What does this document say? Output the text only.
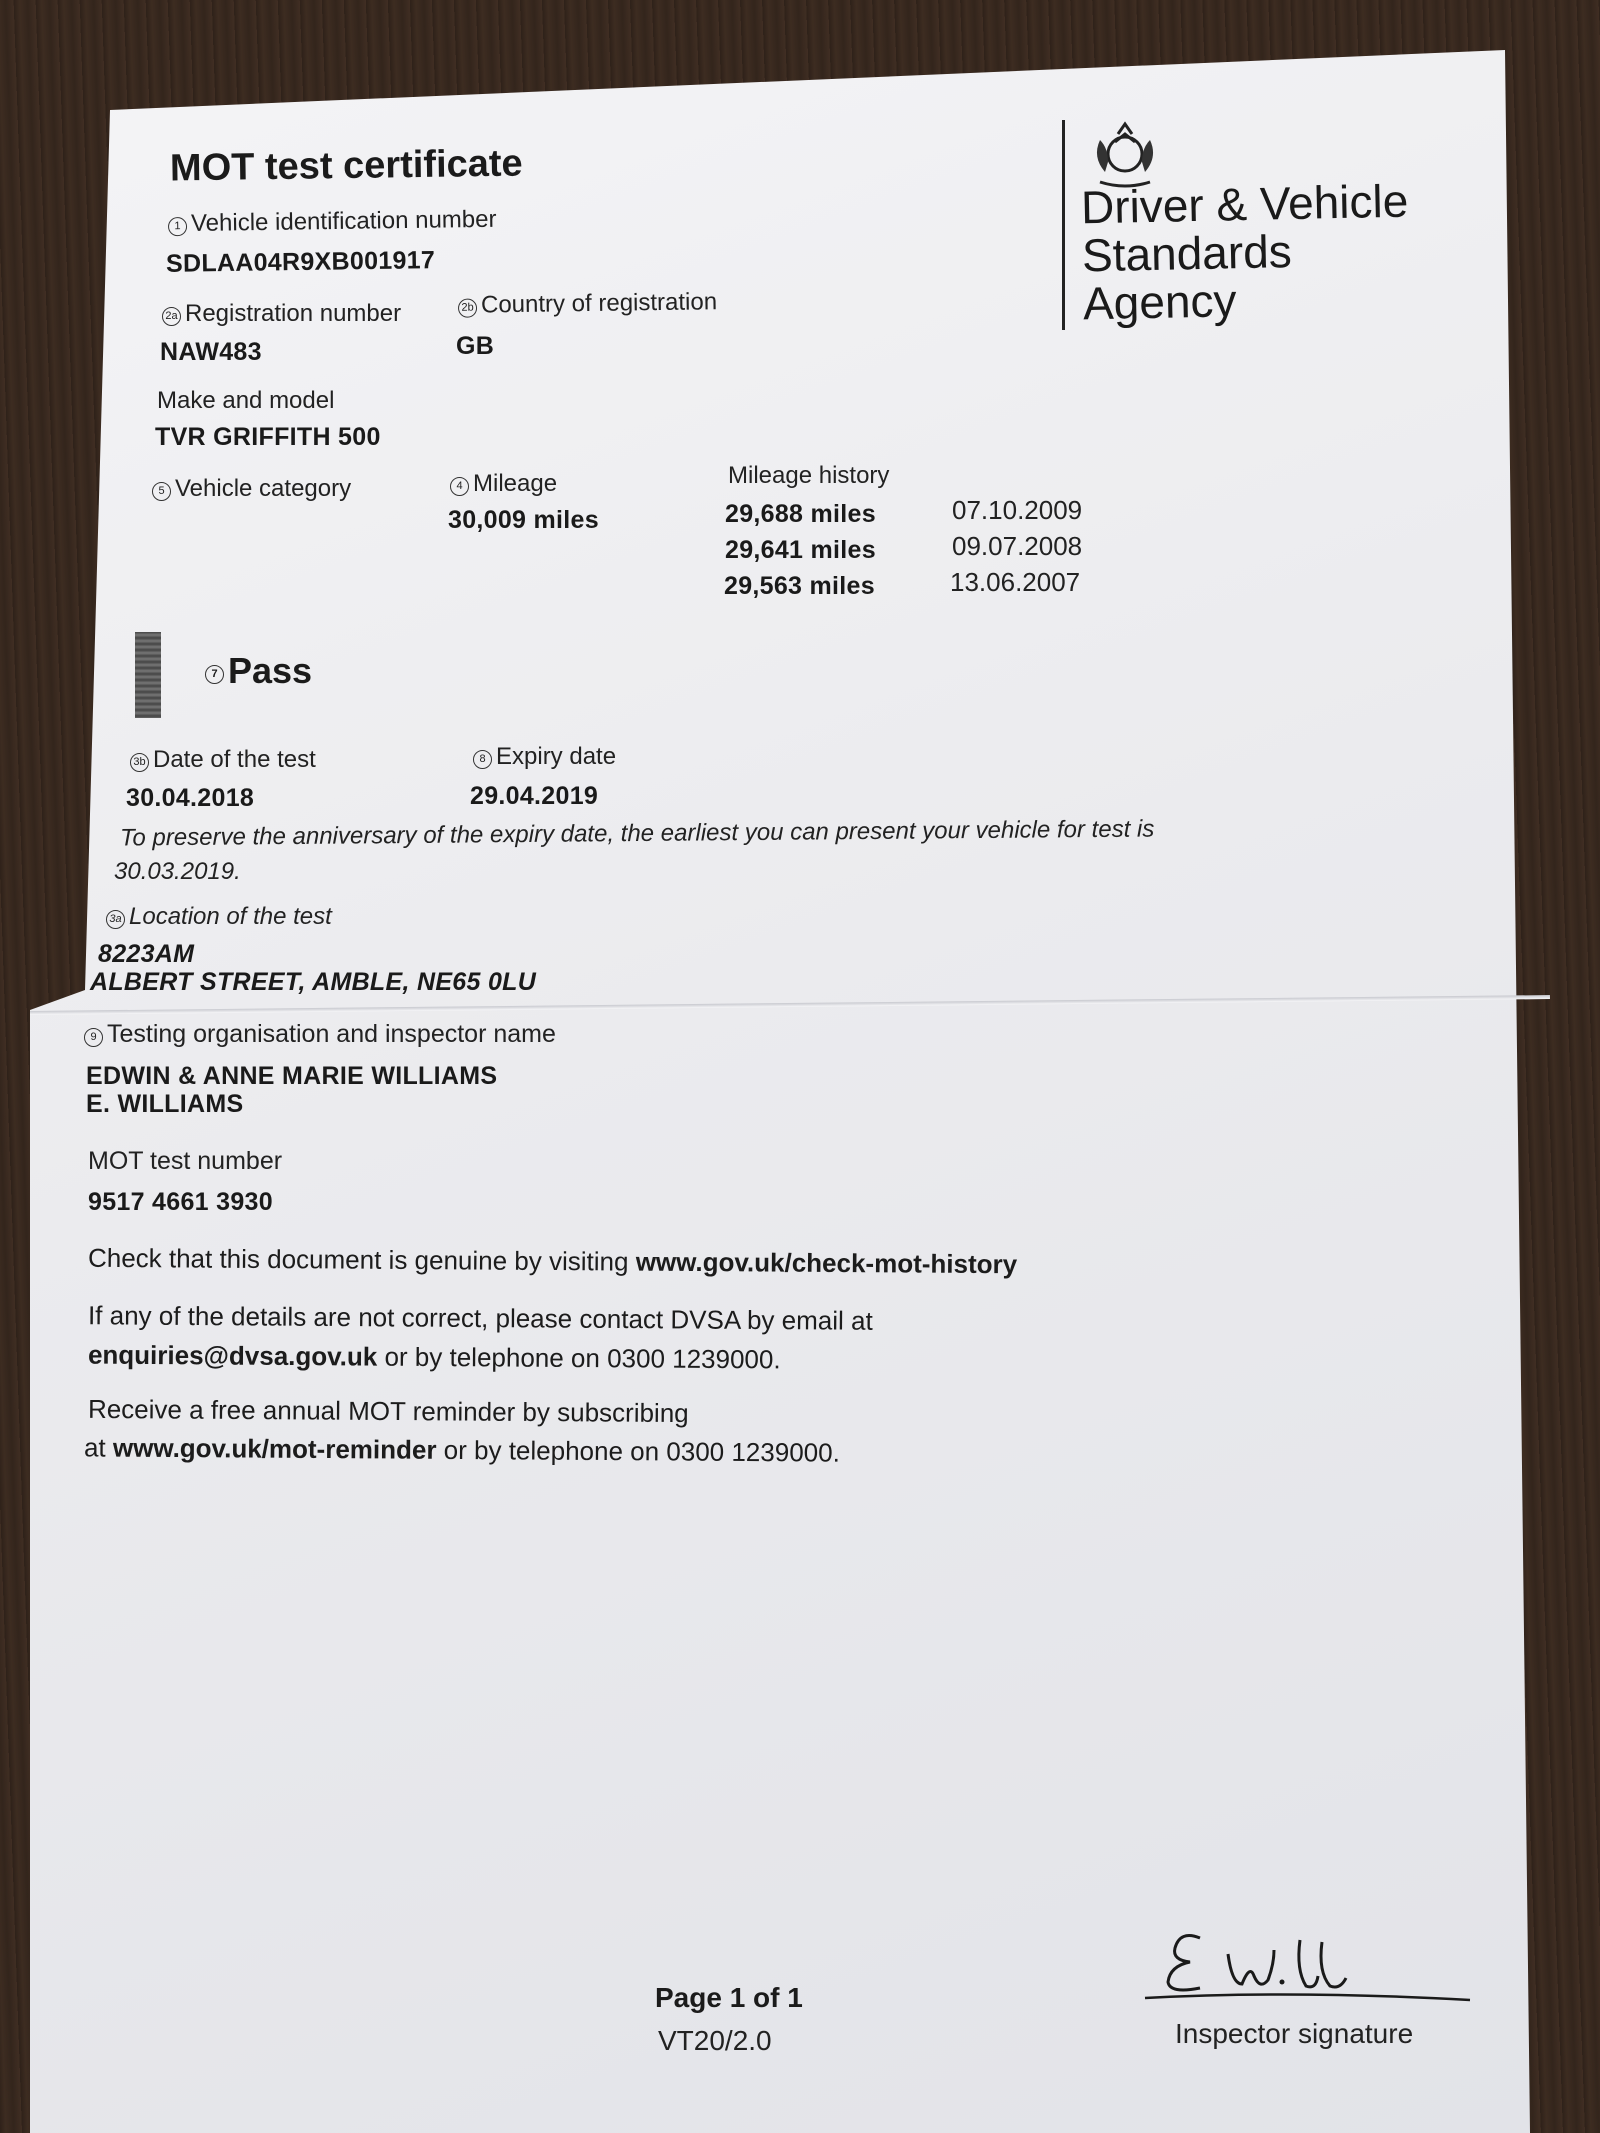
MOT test certificate
Driver & Vehicle
Standards
Agency
1 Vehicle identification number
SDLAA04R9XB001917
2a Registration number
NAW483
2b Country of registration
GB
Make and model
TVR GRIFFITH 500
5 Vehicle category	4 Mileage
30,009 miles
Mileage history
29,688 miles	07.10.2009
29,641 miles	09.07.2008
29,563 miles	13.06.2007
7 Pass
3b Date of the test
30.04.2018
8 Expiry date
29.04.2019
To preserve the anniversary of the expiry date, the earliest you can present your vehicle for test is
30.03.2019.
3a Location of the test
8223AM
ALBERT STREET, AMBLE, NE65 0LU
9 Testing organisation and inspector name
EDWIN & ANNE MARIE WILLIAMS
E. WILLIAMS
MOT test number
9517 4661 3930
Check that this document is genuine by visiting www.gov.uk/check-mot-history
If any of the details are not correct, please contact DVSA by email at
enquiries@dvsa.gov.uk or by telephone on 0300 1239000.
Receive a free annual MOT reminder by subscribing
at www.gov.uk/mot-reminder or by telephone on 0300 1239000.
Page 1 of 1
VT20/2.0	Inspector signature
